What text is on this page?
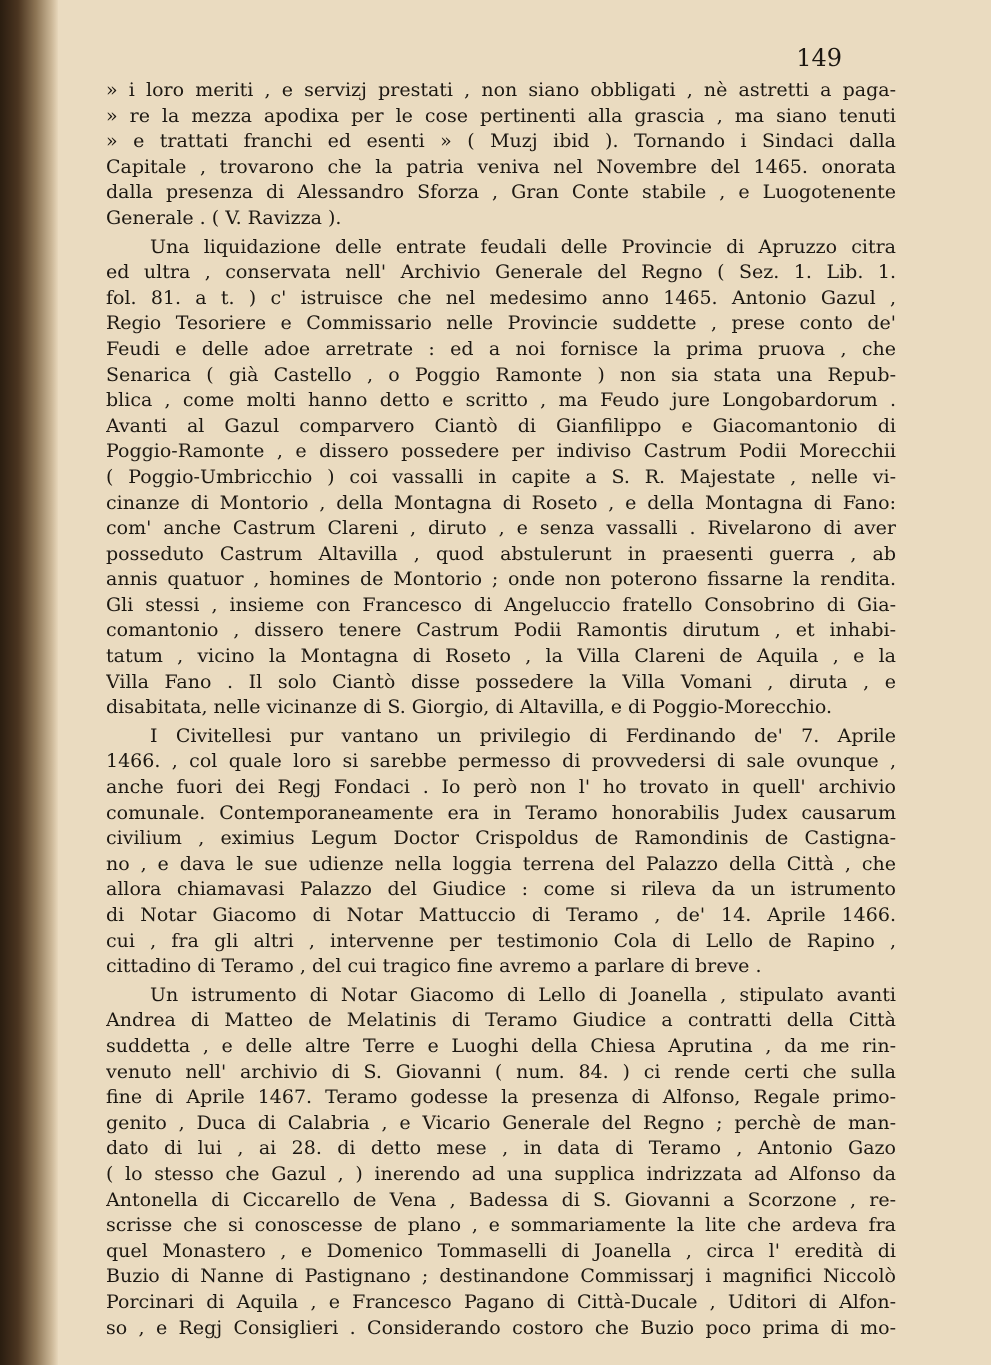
149
» i loro meriti , e servizj prestati , non siano obbligati , nè astretti a paga-
» re la mezza apodixa per le cose pertinenti alla grascia , ma siano tenuti
» e trattati franchi ed esenti » ( Muzj ibid ). Tornando i Sindaci dalla
Capitale , trovarono che la patria veniva nel Novembre del 1465. onorata
dalla presenza di Alessandro Sforza , Gran Conte stabile , e Luogotenente
Generale . ( V. Ravizza ).
Una liquidazione delle entrate feudali delle Provincie di Apruzzo citra
ed ultra , conservata nell' Archivio Generale del Regno ( Sez. 1. Lib. 1.
fol. 81. a t. ) c' istruisce che nel medesimo anno 1465. Antonio Gazul ,
Regio Tesoriere e Commissario nelle Provincie suddette , prese conto de'
Feudi e delle adoe arretrate : ed a noi fornisce la prima pruova , che
Senarica ( già Castello , o Poggio Ramonte ) non sia stata una Repub-
blica , come molti hanno detto e scritto , ma Feudo jure Longobardorum .
Avanti al Gazul comparvero Ciantò di Gianfilippo e Giacomantonio di
Poggio-Ramonte , e dissero possedere per indiviso Castrum Podii Morecchii
( Poggio-Umbricchio ) coi vassalli in capite a S. R. Majestate , nelle vi-
cinanze di Montorio , della Montagna di Roseto , e della Montagna di Fano:
com' anche Castrum Clareni , diruto , e senza vassalli . Rivelarono di aver
posseduto Castrum Altavilla , quod abstulerunt in praesenti guerra , ab
annis quatuor , homines de Montorio ; onde non poterono fissarne la rendita.
Gli stessi , insieme con Francesco di Angeluccio fratello Consobrino di Gia-
comantonio , dissero tenere Castrum Podii Ramontis dirutum , et inhabi-
tatum , vicino la Montagna di Roseto , la Villa Clareni de Aquila , e la
Villa Fano . Il solo Ciantò disse possedere la Villa Vomani , diruta , e
disabitata, nelle vicinanze di S. Giorgio, di Altavilla, e di Poggio-Morecchio.
I Civitellesi pur vantano un privilegio di Ferdinando de' 7. Aprile
1466. , col quale loro si sarebbe permesso di provvedersi di sale ovunque ,
anche fuori dei Regj Fondaci . Io però non l' ho trovato in quell' archivio
comunale. Contemporaneamente era in Teramo honorabilis Judex causarum
civilium , eximius Legum Doctor Crispoldus de Ramondinis de Castigna-
no , e dava le sue udienze nella loggia terrena del Palazzo della Città , che
allora chiamavasi Palazzo del Giudice : come si rileva da un istrumento
di Notar Giacomo di Notar Mattuccio di Teramo , de' 14. Aprile 1466.
cui , fra gli altri , intervenne per testimonio Cola di Lello de Rapino ,
cittadino di Teramo , del cui tragico fine avremo a parlare di breve .
Un istrumento di Notar Giacomo di Lello di Joanella , stipulato avanti
Andrea di Matteo de Melatinis di Teramo Giudice a contratti della Città
suddetta , e delle altre Terre e Luoghi della Chiesa Aprutina , da me rin-
venuto nell' archivio di S. Giovanni ( num. 84. ) ci rende certi che sulla
fine di Aprile 1467. Teramo godesse la presenza di Alfonso, Regale primo-
genito , Duca di Calabria , e Vicario Generale del Regno ; perchè de man-
dato di lui , ai 28. di detto mese , in data di Teramo , Antonio Gazo
( lo stesso che Gazul , ) inerendo ad una supplica indrizzata ad Alfonso da
Antonella di Ciccarello de Vena , Badessa di S. Giovanni a Scorzone , re-
scrisse che si conoscesse de plano , e sommariamente la lite che ardeva fra
quel Monastero , e Domenico Tommaselli di Joanella , circa l' eredità di
Buzio di Nanne di Pastignano ; destinandone Commissarj i magnifici Niccolò
Porcinari di Aquila , e Francesco Pagano di Città-Ducale , Uditori di Alfon-
so , e Regj Consiglieri . Considerando costoro che Buzio poco prima di mo-
